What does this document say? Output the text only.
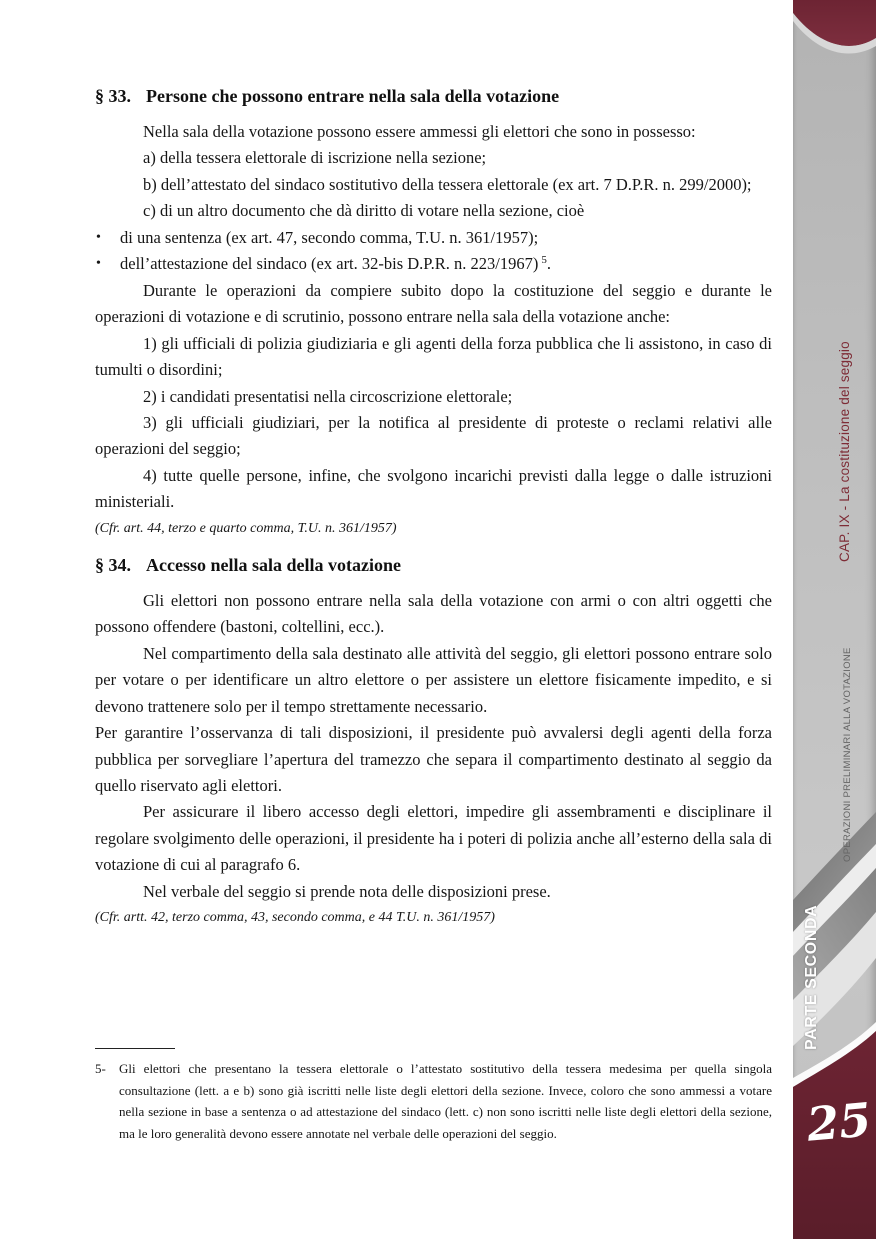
§ 33. Persone che possono entrare nella sala della votazione

Nella sala della votazione possono essere ammessi gli elettori che sono in possesso:

a) della tessera elettorale di iscrizione nella sezione;

b) dell’attestato del sindaco sostitutivo della tessera elettorale (ex art. 7 D.P.R. n. 299/2000);

c) di un altro documento che dà diritto di votare nella sezione, cioè

• di una sentenza (ex art. 47, secondo comma, T.U. n. 361/1957);
• dell’attestazione del sindaco (ex art. 32-bis D.P.R. n. 223/1967) $^5$.

Durante le operazioni da compiere subito dopo la costituzione del seggio e durante le operazioni di votazione e di scrutinio, possono entrare nella sala della votazione anche:

1) gli ufficiali di polizia giudiziaria e gli agenti della forza pubblica che li assistono, in caso di tumulti o disordini;

2) i candidati presentatisi nella circoscrizione elettorale;

3) gli ufficiali giudiziari, per la notifica al presidente di proteste o reclami relativi alle operazioni del seggio;

4) tutte quelle persone, infine, che svolgono incarichi previsti dalla legge o dalle istruzioni ministeriali.

(Cfr. art. 44, terzo e quarto comma, T.U. n. 361/1957)

§ 34. Accesso nella sala della votazione

Gli elettori non possono entrare nella sala della votazione con armi o con altri oggetti che possono offendere (bastoni, coltellini, ecc.).

Nel compartimento della sala destinato alle attività del seggio, gli elettori possono entrare solo per votare o per identificare un altro elettore o per assistere un elettore fisicamente impedito, e si devono trattenere solo per il tempo strettamente necessario.

Per garantire l’osservanza di tali disposizioni, il presidente può avvalersi degli agenti della forza pubblica per sorvegliare l’apertura del tramezzo che separa il compartimento destinato al seggio da quello riservato agli elettori.

Per assicurare il libero accesso degli elettori, impedire gli assembramenti e disciplinare il regolare svolgimento delle operazioni, il presidente ha i poteri di polizia anche all’esterno della sala di votazione di cui al paragrafo 6.

Nel verbale del seggio si prende nota delle disposizioni prese.

(Cfr. artt. 42, terzo comma, 43, secondo comma, e 44 T.U. n. 361/1957)

5-	Gli elettori che presentano la tessera elettorale o l’attestato sostitutivo della tessera medesima per quella singola consultazione (lett. a e b) sono già iscritti nelle liste degli elettori della sezione. Invece, coloro che sono ammessi a votare nella sezione in base a sentenza o ad attestazione del sindaco (lett. c) non sono iscritti nelle liste degli elettori della sezione, ma le loro generalità devono essere annotate nel verbale delle operazioni del seggio.

CAP. IX - La costituzione del seggio
OPERAZIONI PRELIMINARI ALLA VOTAZIONE
PARTE SECONDA
25
